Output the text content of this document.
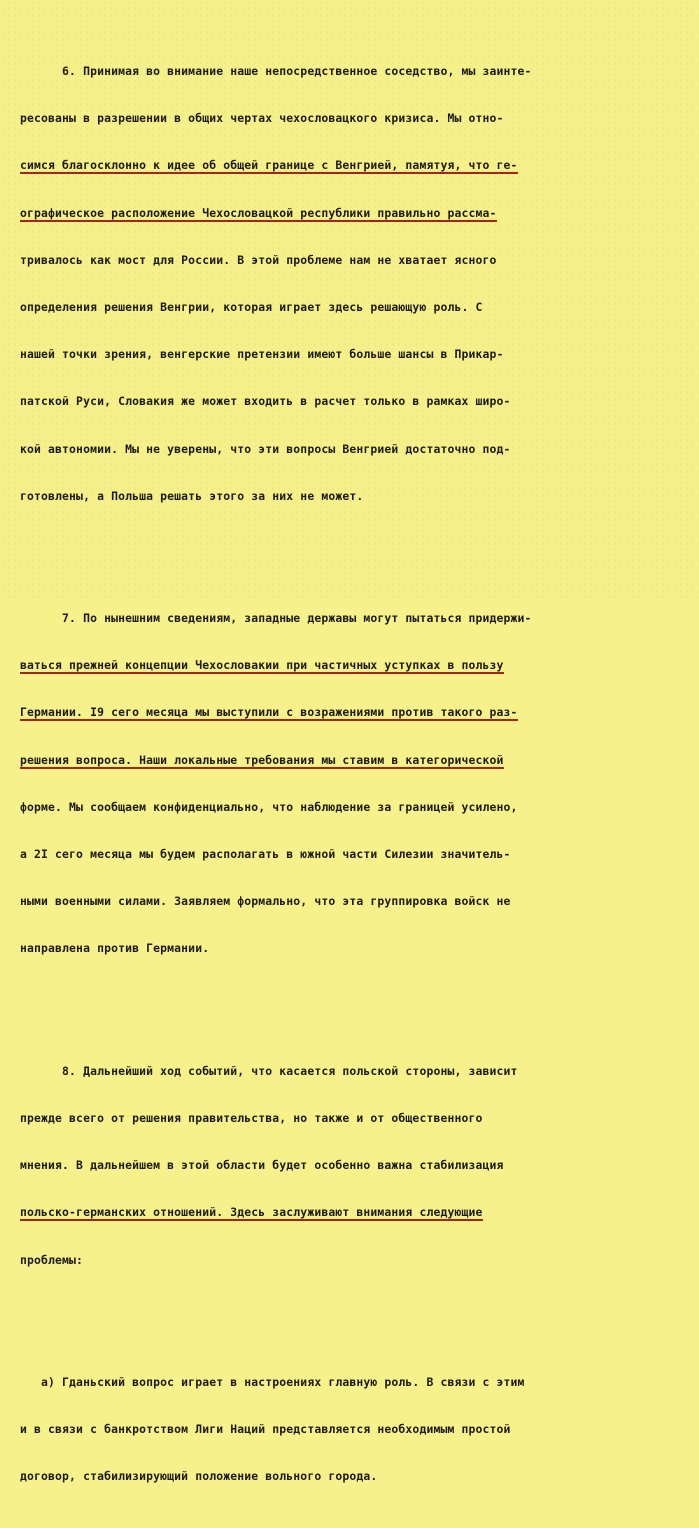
6. Принимая во внимание наше непосредственное соседство, мы заинте-

ресованы в разрешении в общих чертах чехословацкого кризиса. Мы отно-

симся благосклонно к идее об общей границе с Венгрией, памятуя, что ге-

ографическое расположение Чехословацкой республики правильно рассма-

тривалось как мост для России. В этой проблеме нам не хватает ясного

определения решения Венгрии, которая играет здесь решающую роль. С

нашей точки зрения, венгерские претензии имеют больше шансы в Прикар-

патской Руси, Словакия же может входить в расчет только в рамках широ-

кой автономии. Мы не уверены, что эти вопросы Венгрией достаточно под-

готовлены, а Польша решать этого за них не может.

7. По нынешним сведениям, западные державы могут пытаться придержи-

ваться прежней концепции Чехословакии при частичных уступках в пользу

Германии. I9 сего месяца мы выступили с возражениями против такого раз-

решения вопроса. Наши локальные требования мы ставим в категорической

форме. Мы сообщаем конфиденциально, что наблюдение за границей усилено,

а 2I сего месяца мы будем располагать в южной части Силезии значитель-

ными военными силами. Заявляем формально, что эта группировка войск не

направлена против Германии.

8. Дальнейший ход событий, что касается польской стороны, зависит

прежде всего от решения правительства, но также и от общественного

мнения. В дальнейшем в этой области будет особенно важна стабилизация

польско-германских отношений. Здесь заслуживают внимания следующие

проблемы:

а) Гданьский вопрос играет в настроениях главную роль. В связи с этим

и в связи с банкротством Лиги Наций представляется необходимым простой

договор, стабилизирующий положение вольного города.
